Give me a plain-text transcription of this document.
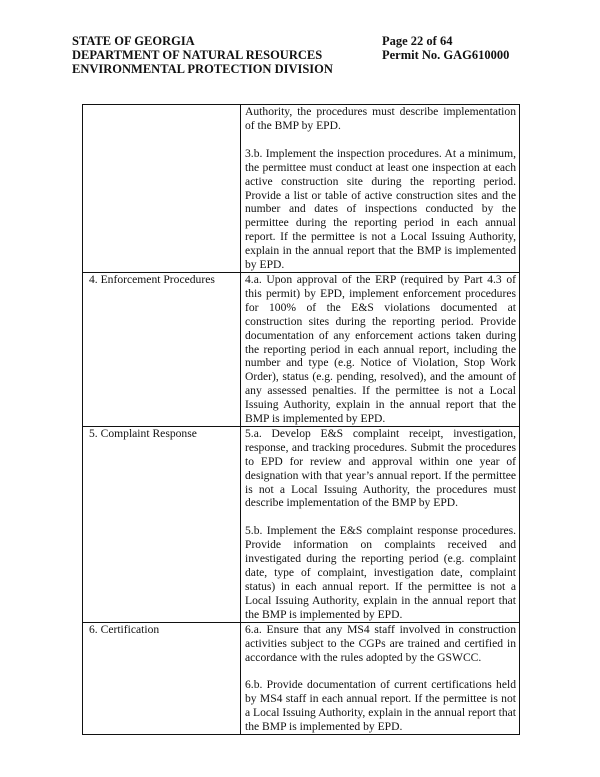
STATE OF GEORGIA	Page 22 of 64
DEPARTMENT OF NATURAL RESOURCES	Permit No. GAG610000
ENVIRONMENTAL PROTECTION DIVISION

	Authority, the procedures must describe implementation of the BMP by EPD.

3.b. Implement the inspection procedures. At a minimum, the permittee must conduct at least one inspection at each active construction site during the reporting period. Provide a list or table of active construction sites and the number and dates of inspections conducted by the permittee during the reporting period in each annual report. If the permittee is not a Local Issuing Authority, explain in the annual report that the BMP is implemented by EPD.

4. Enforcement Procedures	4.a. Upon approval of the ERP (required by Part 4.3 of this permit) by EPD, implement enforcement procedures for 100% of the E&S violations documented at construction sites during the reporting period. Provide documentation of any enforcement actions taken during the reporting period in each annual report, including the number and type (e.g. Notice of Violation, Stop Work Order), status (e.g. pending, resolved), and the amount of any assessed penalties. If the permittee is not a Local Issuing Authority, explain in the annual report that the BMP is implemented by EPD.

5. Complaint Response	5.a. Develop E&S complaint receipt, investigation, response, and tracking procedures. Submit the procedures to EPD for review and approval within one year of designation with that year’s annual report. If the permittee is not a Local Issuing Authority, the procedures must describe implementation of the BMP by EPD.

5.b. Implement the E&S complaint response procedures. Provide information on complaints received and investigated during the reporting period (e.g. complaint date, type of complaint, investigation date, complaint status) in each annual report. If the permittee is not a Local Issuing Authority, explain in the annual report that the BMP is implemented by EPD.

6. Certification	6.a. Ensure that any MS4 staff involved in construction activities subject to the CGPs are trained and certified in accordance with the rules adopted by the GSWCC.

6.b. Provide documentation of current certifications held by MS4 staff in each annual report. If the permittee is not a Local Issuing Authority, explain in the annual report that the BMP is implemented by EPD.
